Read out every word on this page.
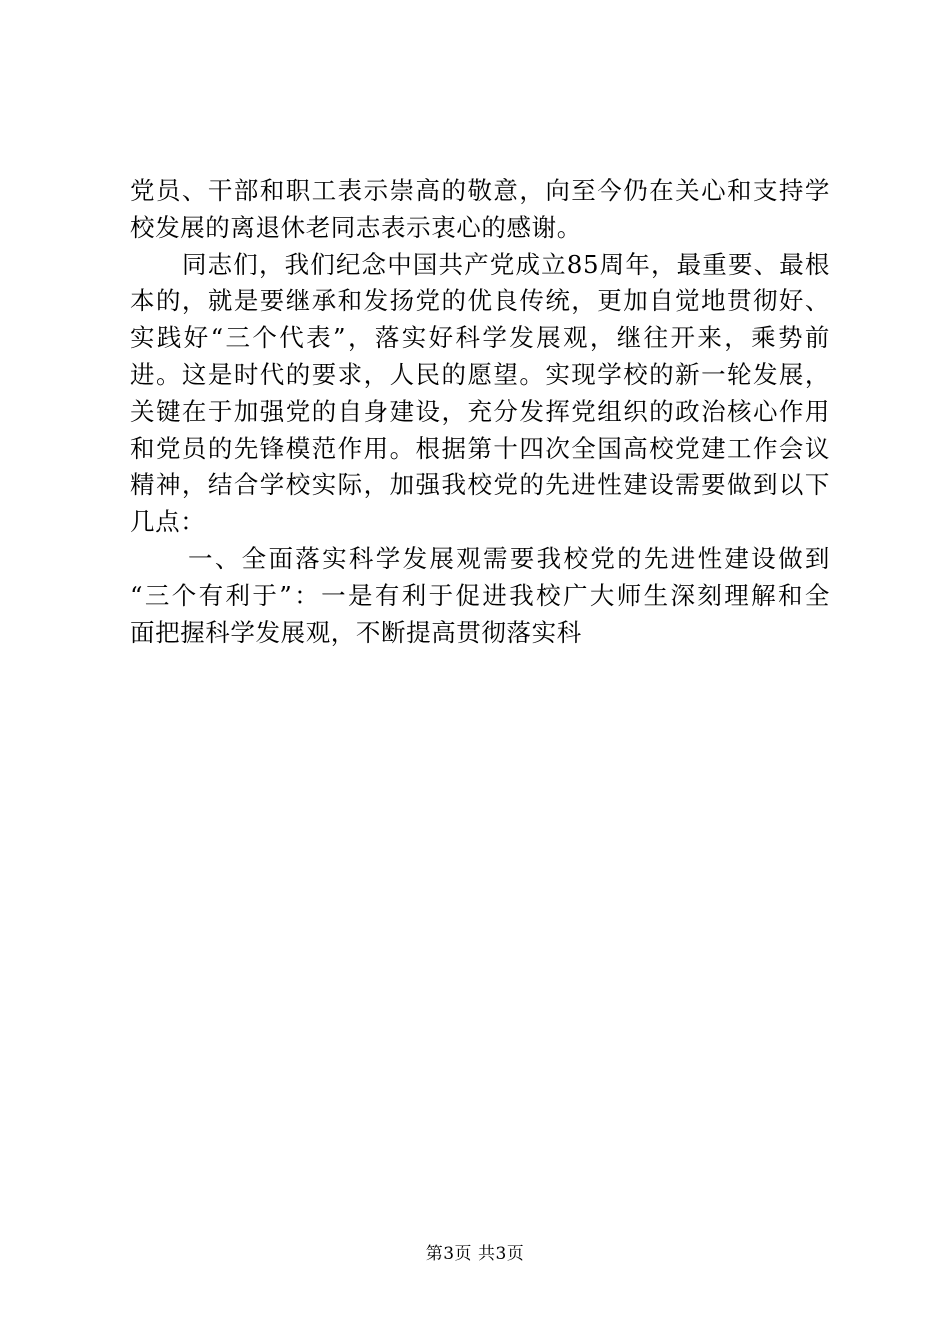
党员、干部和职工表示崇高的敬意，向至今仍在关心和支持学
校发展的离退休老同志表示衷心的感谢。
同志们，我们纪念中国共产党成立85周年，最重要、最根
本的，就是要继承和发扬党的优良传统，更加自觉地贯彻好、
实践好“三个代表”，落实好科学发展观，继往开来，乘势前
进。这是时代的要求，人民的愿望。实现学校的新一轮发展，
关键在于加强党的自身建设，充分发挥党组织的政治核心作用
和党员的先锋模范作用。根据第十四次全国高校党建工作会议
精神，结合学校实际，加强我校党的先进性建设需要做到以下
几点：
一、全面落实科学发展观需要我校党的先进性建设做到
“三个有利于”：一是有利于促进我校广大师生深刻理解和全
面把握科学发展观，不断提高贯彻落实科
第3页 共3页
